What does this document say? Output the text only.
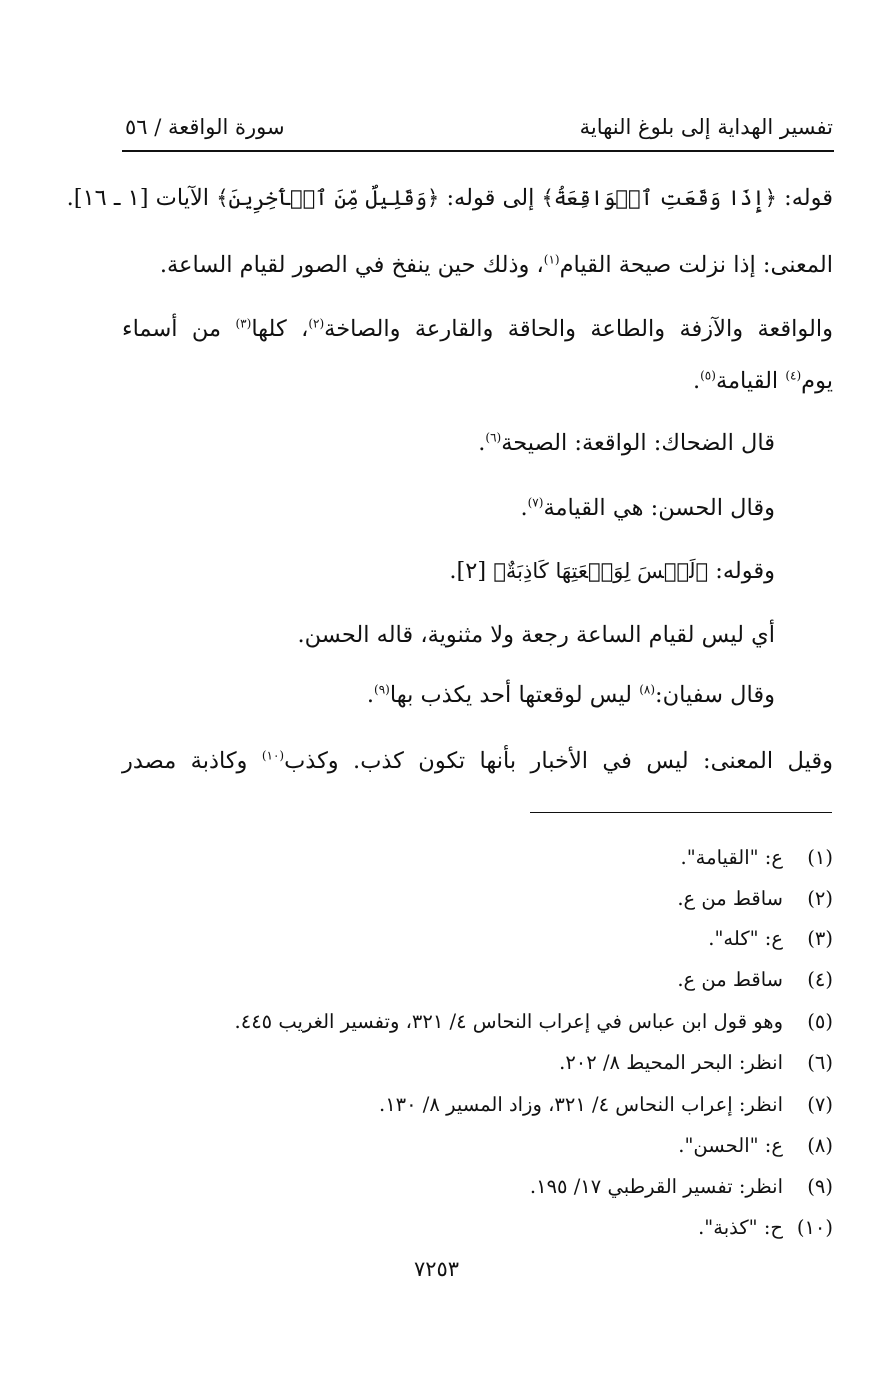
تفسير الهداية إلى بلوغ النهاية
سورة الواقعة / ٥٦
قوله: ﴿إِذَا وَقَعَتِ ٱلۡوَاقِعَةُ﴾ إلى قوله: ﴿وَقَلِيلٌ مِّنَ ٱلۡأٓخِرِينَ﴾ الآيات [١ ـ ١٦].
المعنى: إذا نزلت صيحة القيام$^{(١)}$، وذلك حين ينفخ في الصور لقيام الساعة.
والواقعة والآزفة والطاعة والحاقة والقارعة والصاخة$^{(٢)}$، كلها$^{(٣)}$ من أسماء
يوم$^{(٤)}$ القيامة$^{(٥)}$.
قال الضحاك: الواقعة: الصيحة$^{(٦)}$.
وقال الحسن: هي القيامة$^{(٧)}$.
وقوله: ﴿لَيۡسَ لِوَقۡعَتِهَا كَاذِبَةٌ﴾ [٢].
أي ليس لقيام الساعة رجعة ولا مثنوية، قاله الحسن.
وقال سفيان:$^{(٨)}$ ليس لوقعتها أحد يكذب بها$^{(٩)}$.
وقيل المعنى: ليس في الأخبار بأنها تكون كذب. وكذب$^{(١٠)}$ وكاذبة مصدر
(١)ع: "القيامة".
(٢)ساقط من ع.
(٣)ع: "كله".
(٤)ساقط من ع.
(٥)وهو قول ابن عباس في إعراب النحاس ٤/ ٣٢١، وتفسير الغريب ٤٤٥.
(٦)انظر: البحر المحيط ٨/ ٢٠٢.
(٧)انظر: إعراب النحاس ٤/ ٣٢١، وزاد المسير ٨/ ١٣٠.
(٨)ع: "الحسن".
(٩)انظر: تفسير القرطبي ١٧/ ١٩٥.
(١٠)ح: "كذبة".
٧٢٥٣
